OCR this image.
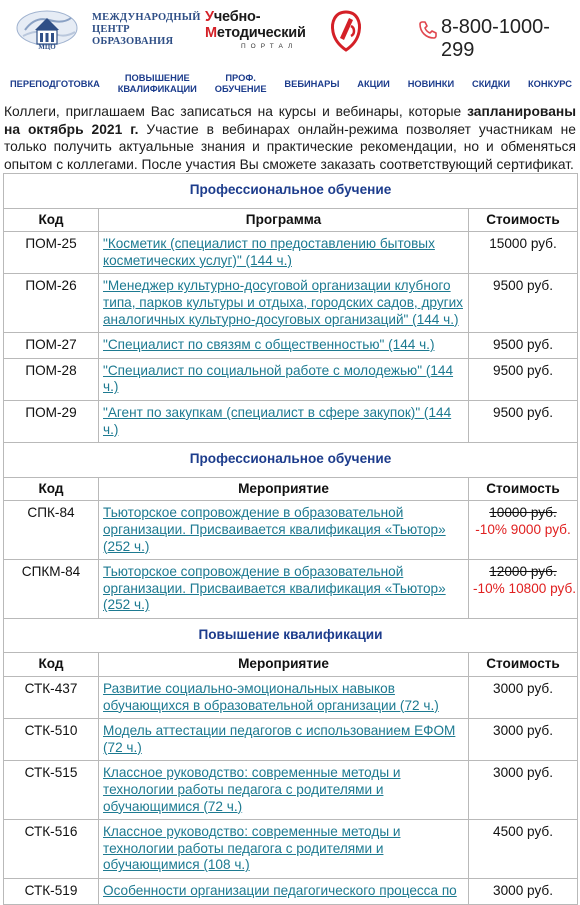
МЦО
МЕЖДУНАРОДНЫЙ
ЦЕНТР
ОБРАЗОВАНИЯ
Учебно-
Методический
ПОРТАЛ
8-800-1000-299
ПЕРЕПОДГОТОВКА
ПОВЫШЕНИЕ
КВАЛИФИКАЦИИ
ПРОФ.
ОБУЧЕНИЕ
ВЕБИНАРЫ АКЦИИ НОВИНКИ СКИДКИ КОНКУРС
Коллеги, приглашаем Вас записаться на курсы и вебинары, которые запланированы на октябрь 2021 г. Участие в вебинарах онлайн-режима позволяет участникам не только получить актуальные знания и практические рекомендации, но и обменяться опытом с коллегами. После участия Вы сможете заказать соответствующий сертификат.
Профессиональное обучение		
Код	Программа	Стоимость
ПОМ-25	"Косметик (специалист по предоставлению бытовых косметических услуг)" (144 ч.)	15000 руб.
ПОМ-26	"Менеджер культурно-досуговой организации клубного типа, парков культуры и отдыха, городских садов, других аналогичных культурно-досуговых организаций" (144 ч.)	9500 руб.
ПОМ-27	"Специалист по связям с общественностью" (144 ч.)	9500 руб.
ПОМ-28	"Специалист по социальной работе с молодежью" (144 ч.)	9500 руб.
ПОМ-29	"Агент по закупкам (специалист в сфере закупок)" (144 ч.)	9500 руб.
Профессиональное обучение		
Код	Мероприятие	Стоимость
СПК-84	Тьюторское сопровождение в образовательной организации. Присваивается квалификация «Тьютор» (252 ч.)	10000 руб.
-10% 9000 руб.

СПКМ-84	Тьюторское сопровождение в образовательной организации. Присваивается квалификация «Тьютор» (252 ч.)	12000 руб.
-10% 10800 руб.

Повышение квалификации		
Код	Мероприятие	Стоимость
СТК-437	Развитие социально-эмоциональных навыков обучающихся в образовательной организации (72 ч.)	3000 руб.
СТК-510	Модель аттестации педагогов с использованием ЕФОМ (72 ч.)	3000 руб.
СТК-515	Классное руководство: современные методы и технологии работы педагога с родителями и обучающимися (72 ч.)	3000 руб.
СТК-516	Классное руководство: современные методы и технологии работы педагога с родителями и обучающимися (108 ч.)	4500 руб.
СТК-519	Особенности организации педагогического процесса по	3000 руб.
